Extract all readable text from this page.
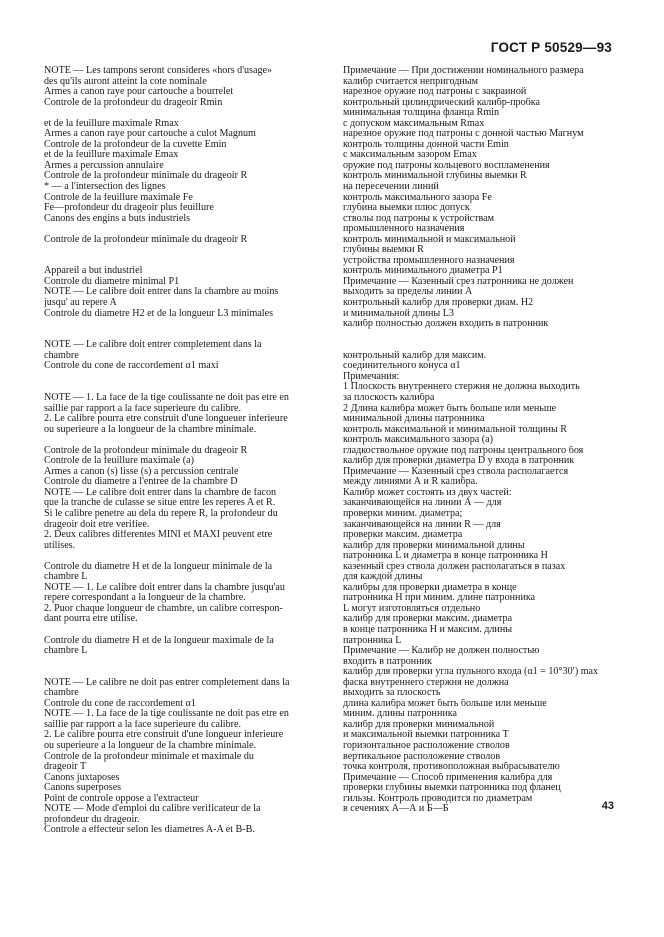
ГОСТ Р 50529—93
NOTE — Les tampons seront consideres «hors d'usage»
des qu'ils auront atteint la cote nominale
Armes a canon raye pour cartouche a bourrelet
Controle de la profondeur du drageoir Rmin
et de la feuillure maximale Rmax
Armes a canon raye pour cartouche a culot Magnum
Controle de la profondeur de la cuvette Emin
et de la feuillure maximale Emax
Armes a percussion annulaire
Controle de la profondeur minimale du drageoir R
* — a l'intersection des lignes
Controle de la feuillure maximale Fe
Fe—profondeur du drageoir plus feuillure
Canons des engins a buts industriels
Controle de la profondeur minimale du drageoir R
Appareil a but industriel
Controle du diametre minimal P1
NOTE — Le calibre doit entrer dans la chambre au moins
jusqu' au repere A
Controle du diametre H2 et de la longueur L3 minimales
NOTE — Le calibre doit entrer completement dans la
chambre
Controle du cone de raccordement α1 maxi
NOTE — 1. La face de la tige coulissante ne doit pas etre en
saillie par rapport a la face superieure du calibre.
2. Le calibre pourra etre construit d'une longueuer inferieure
ou superieure a la longueur de la chambre minimale.
Controle de la profondeur minimale du drageoir R
Controle de la feuillure maximale (a)
Armes a canon (s) lisse (s) a percussion centrale
Controle du diametre a l'entree de la chambre D
NOTE — Le calibre doit entrer dans la chambre de facon
que la tranche de culasse se situe entre les reperes A et R.
Si le calibre penetre au dela du repere R, la profondeur du
drageoir doit etre verifiee.
2. Deux calibres differentes MINI et MAXI peuvent etre
utilises.
Controle du diametre H et de la longueur minimale de la
chambre L
NOTE — 1. Le calibre doit entrer dans la chambre jusqu'au
repere correspondant a la longueur de la chambre.
2. Puor chaque longueur de chambre, un calibre correspon-
dant pourra etre utilise.
Controle du diametre H et de la longueur maximale de la
chambre L
NOTE — Le calibre ne doit pas entrer completement dans la
chambre
Controle du cone de raccordement α1
NOTE — 1. La face de la tige coulissante ne doit pas etre en
saillie par rapport a la face superieure du calibre.
2. Le calibre pourra etre construit d'une longueur inferieure
ou superieure a la longueur de la chambre minimale.
Controle de la profondeur minimale et maximale du
drageoir T
Canons juxtaposes
Canons superposes
Point de controle oppose a l'extracteur
NOTE — Mode d'emploi du calibre verificateur de la
profondeur du drageoir.
Controle a effecteur selon les diametres A-A et B-B.
Примечание — При достижении номинального размера
калибр считается непригодным
нарезное оружие под патроны с закраиной
контрольный цилиндрический калибр-пробка
минимальная толщина фланца Rmin
с допуском максимальным Rmax
нарезное оружие под патроны с донной частью Магнум
контроль толщины донной части Emin
с максимальным зазором Emax
оружие под патроны кольцевого воспламенения
контроль минимальной глубины выемки R
на пересечении линий
контроль максимального зазора Fe
глубина выемки плюс допуск
стволы под патроны к устройствам
промышленного назначения
контроль минимальной и максимальной
глубины выемки R
устройства промышленного назначения
контроль минимального диаметра P1
Примечание — Казенный срез патронника не должен
выходить за пределы линии А
контрольный калибр для проверки диам. H2
и минимальной длины L3
калибр полностью должен входить в патронник
контрольный калибр для максим.
соединительного конуса α1
Примечания:
1 Плоскость внутреннего стержня не должна выходить
за плоскость калибра
2 Длина калибра может быть больше или меньше
минимальной длины патронника
контроль максимальной и минимальной толщины R
контроль максимального зазора (а)
гладкоствольное оружие под патроны центрального боя
калибр для проверки диаметра D у входа в патронник
Примечание — Казенный срез ствола располагается
между линиями А и R калибра.
Калибр может состоять из двух частей:
заканчивающейся на линии А — для
проверки миним. диаметра;
заканчивающейся на линии R — для
проверки максим. диаметра
калибр для проверки минимальной длины
патронника L и диаметра в конце патронника H
казенный срез ствола должен располагаться в пазах
для каждой длины
калибры для проверки диаметра в конце
патронника H при миним. длине патронника
L могут изготовляться отдельно
калибр для проверки максим. диаметра
в конце патронника H и максим. длины
патронника L
Примечание — Калибр не должен полностью
входить в патронник
калибр для проверки угла пульного входа (α1 = 10°30′) max
фаска внутреннего стержня не должна
выходить за плоскость
длина калибра может быть больше или меньше
миним. длины патронника
калибр для проверки минимальной
и максимальной выемки патронника T
горизонтальное расположение стволов
вертикальное расположение стволов
точка контроля, противоположная выбрасывателю
Примечание — Способ применения калибра для
проверки глубины выемки патронника под фланец
гильзы. Контроль проводится по диаметрам
в сечениях А—А и Б—Б	43
